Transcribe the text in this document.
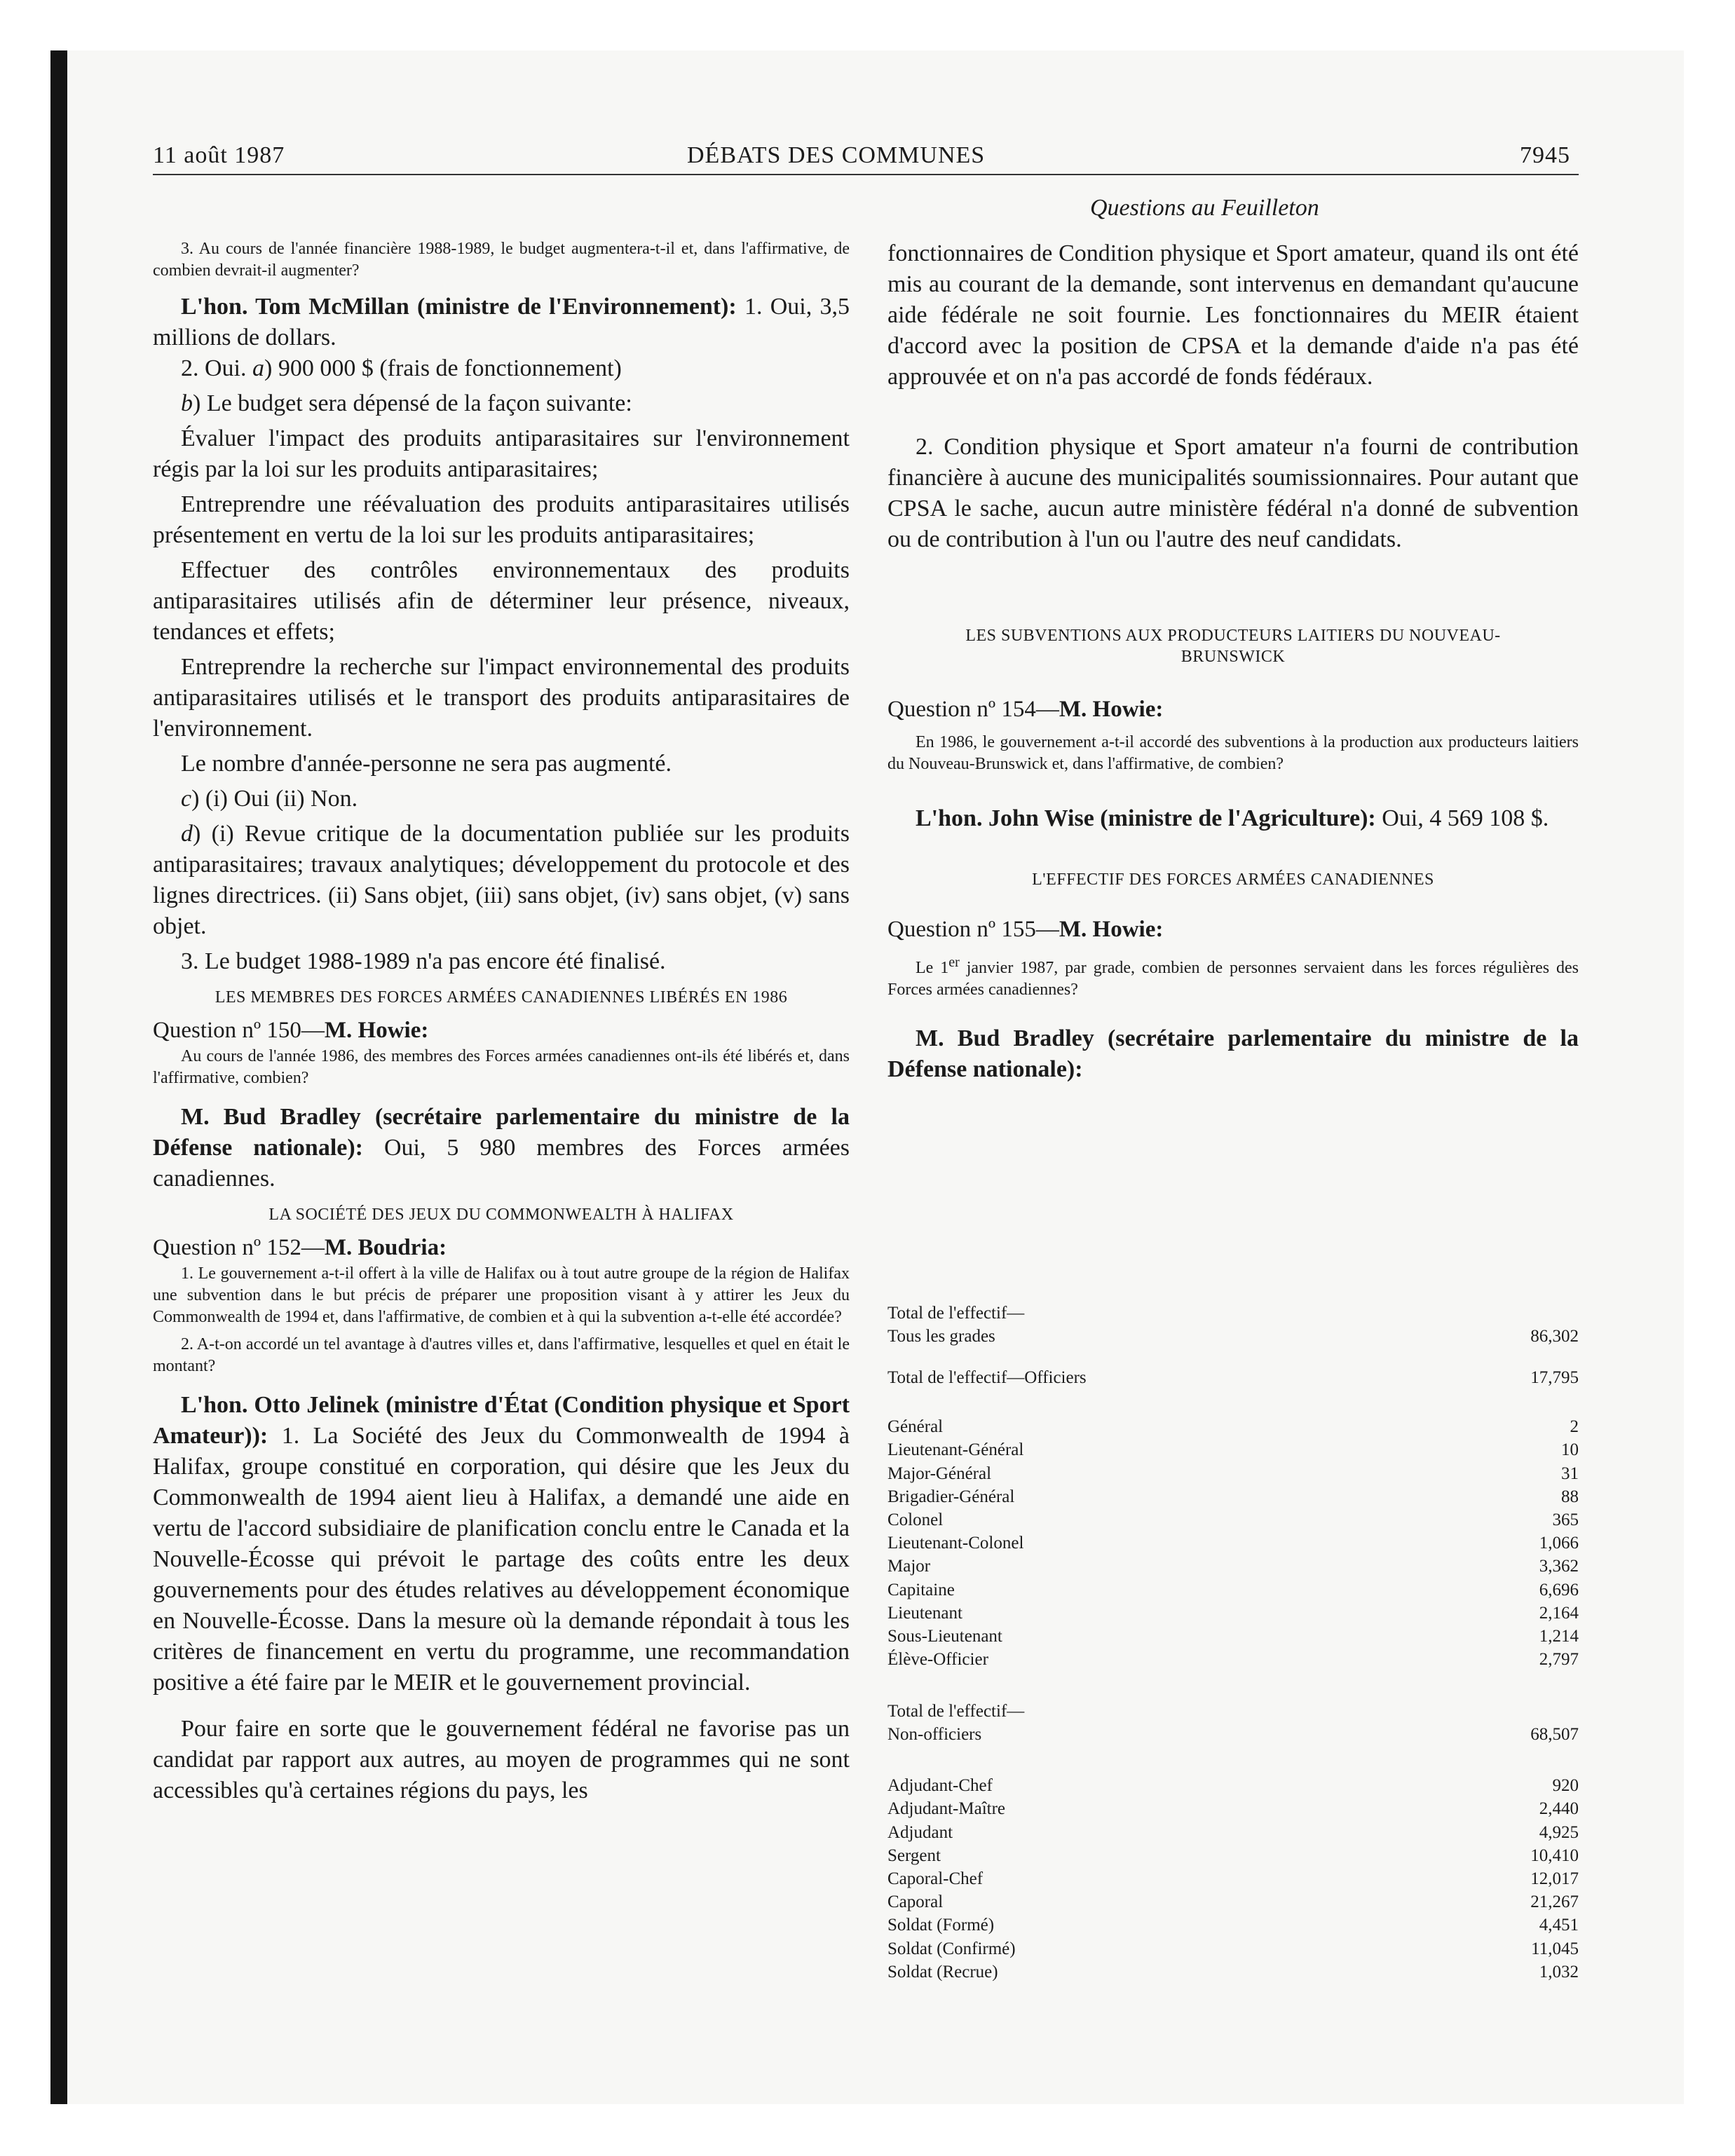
11 août 1987	DÉBATS DES COMMUNES	7945
Questions au Feuilleton

3. Au cours de l'année financière 1988-1989, le budget augmentera-t-il et, dans l'affirmative, de combien devrait-il augmenter?

L'hon. Tom McMillan (ministre de l'Environnement): 1. Oui, 3,5 millions de dollars.

2. Oui. a) 900 000 $ (frais de fonctionnement)

b) Le budget sera dépensé de la façon suivante:

Évaluer l'impact des produits antiparasitaires sur l'environnement régis par la loi sur les produits antiparasitaires;

Entreprendre une réévaluation des produits antiparasitaires utilisés présentement en vertu de la loi sur les produits antiparasitaires;

Effectuer des contrôles environnementaux des produits antiparasitaires utilisés afin de déterminer leur présence, niveaux, tendances et effets;

Entreprendre la recherche sur l'impact environnemental des produits antiparasitaires utilisés et le transport des produits antiparasitaires de l'environnement.

Le nombre d'année-personne ne sera pas augmenté.

c) (i) Oui (ii) Non.

d) (i) Revue critique de la documentation publiée sur les produits antiparasitaires; travaux analytiques; développement du protocole et des lignes directrices. (ii) Sans objet, (iii) sans objet, (iv) sans objet, (v) sans objet.

3. Le budget 1988-1989 n'a pas encore été finalisé.

LES MEMBRES DES FORCES ARMÉES CANADIENNES LIBÉRÉS EN 1986

Question nº 150—M. Howie:

Au cours de l'année 1986, des membres des Forces armées canadiennes ont-ils été libérés et, dans l'affirmative, combien?

M. Bud Bradley (secrétaire parlementaire du ministre de la Défense nationale): Oui, 5 980 membres des Forces armées canadiennes.

LA SOCIÉTÉ DES JEUX DU COMMONWEALTH À HALIFAX

Question nº 152—M. Boudria:

1. Le gouvernement a-t-il offert à la ville de Halifax ou à tout autre groupe de la région de Halifax une subvention dans le but précis de préparer une proposition visant à y attirer les Jeux du Commonwealth de 1994 et, dans l'affirmative, de combien et à qui la subvention a-t-elle été accordée?

2. A-t-on accordé un tel avantage à d'autres villes et, dans l'affirmative, lesquelles et quel en était le montant?

L'hon. Otto Jelinek (ministre d'État (Condition physique et Sport Amateur)): 1. La Société des Jeux du Commonwealth de 1994 à Halifax, groupe constitué en corporation, qui désire que les Jeux du Commonwealth de 1994 aient lieu à Halifax, a demandé une aide en vertu de l'accord subsidiaire de planification conclu entre le Canada et la Nouvelle-Écosse qui prévoit le partage des coûts entre les deux gouvernements pour des études relatives au développement économique en Nouvelle-Écosse. Dans la mesure où la demande répondait à tous les critères de financement en vertu du programme, une recommandation positive a été faire par le MEIR et le gouvernement provincial.

Pour faire en sorte que le gouvernement fédéral ne favorise pas un candidat par rapport aux autres, au moyen de programmes qui ne sont accessibles qu'à certaines régions du pays, les

fonctionnaires de Condition physique et Sport amateur, quand ils ont été mis au courant de la demande, sont intervenus en demandant qu'aucune aide fédérale ne soit fournie. Les fonctionnaires du MEIR étaient d'accord avec la position de CPSA et la demande d'aide n'a pas été approuvée et on n'a pas accordé de fonds fédéraux.

2. Condition physique et Sport amateur n'a fourni de contribution financière à aucune des municipalités soumissionnaires. Pour autant que CPSA le sache, aucun autre ministère fédéral n'a donné de subvention ou de contribution à l'un ou l'autre des neuf candidats.

LES SUBVENTIONS AUX PRODUCTEURS LAITIERS DU NOUVEAU-BRUNSWICK

Question nº 154—M. Howie:

En 1986, le gouvernement a-t-il accordé des subventions à la production aux producteurs laitiers du Nouveau-Brunswick et, dans l'affirmative, de combien?

L'hon. John Wise (ministre de l'Agriculture): Oui, 4 569 108 $.

L'EFFECTIF DES FORCES ARMÉES CANADIENNES

Question nº 155—M. Howie:

Le 1er janvier 1987, par grade, combien de personnes servaient dans les forces régulières des Forces armées canadiennes?

M. Bud Bradley (secrétaire parlementaire du ministre de la Défense nationale):

Total de l'effectif—	
Tous les grades	86,302
Total de l'effectif—Officiers	17,795
Général	2
Lieutenant-Général	10
Major-Général	31
Brigadier-Général	88
Colonel	365
Lieutenant-Colonel	1,066
Major	3,362
Capitaine	6,696
Lieutenant	2,164
Sous-Lieutenant	1,214
Élève-Officier	2,797
Total de l'effectif—	
Non-officiers	68,507
Adjudant-Chef	920
Adjudant-Maître	2,440
Adjudant	4,925
Sergent	10,410
Caporal-Chef	12,017
Caporal	21,267
Soldat (Formé)	4,451
Soldat (Confirmé)	11,045
Soldat (Recrue)	1,032
